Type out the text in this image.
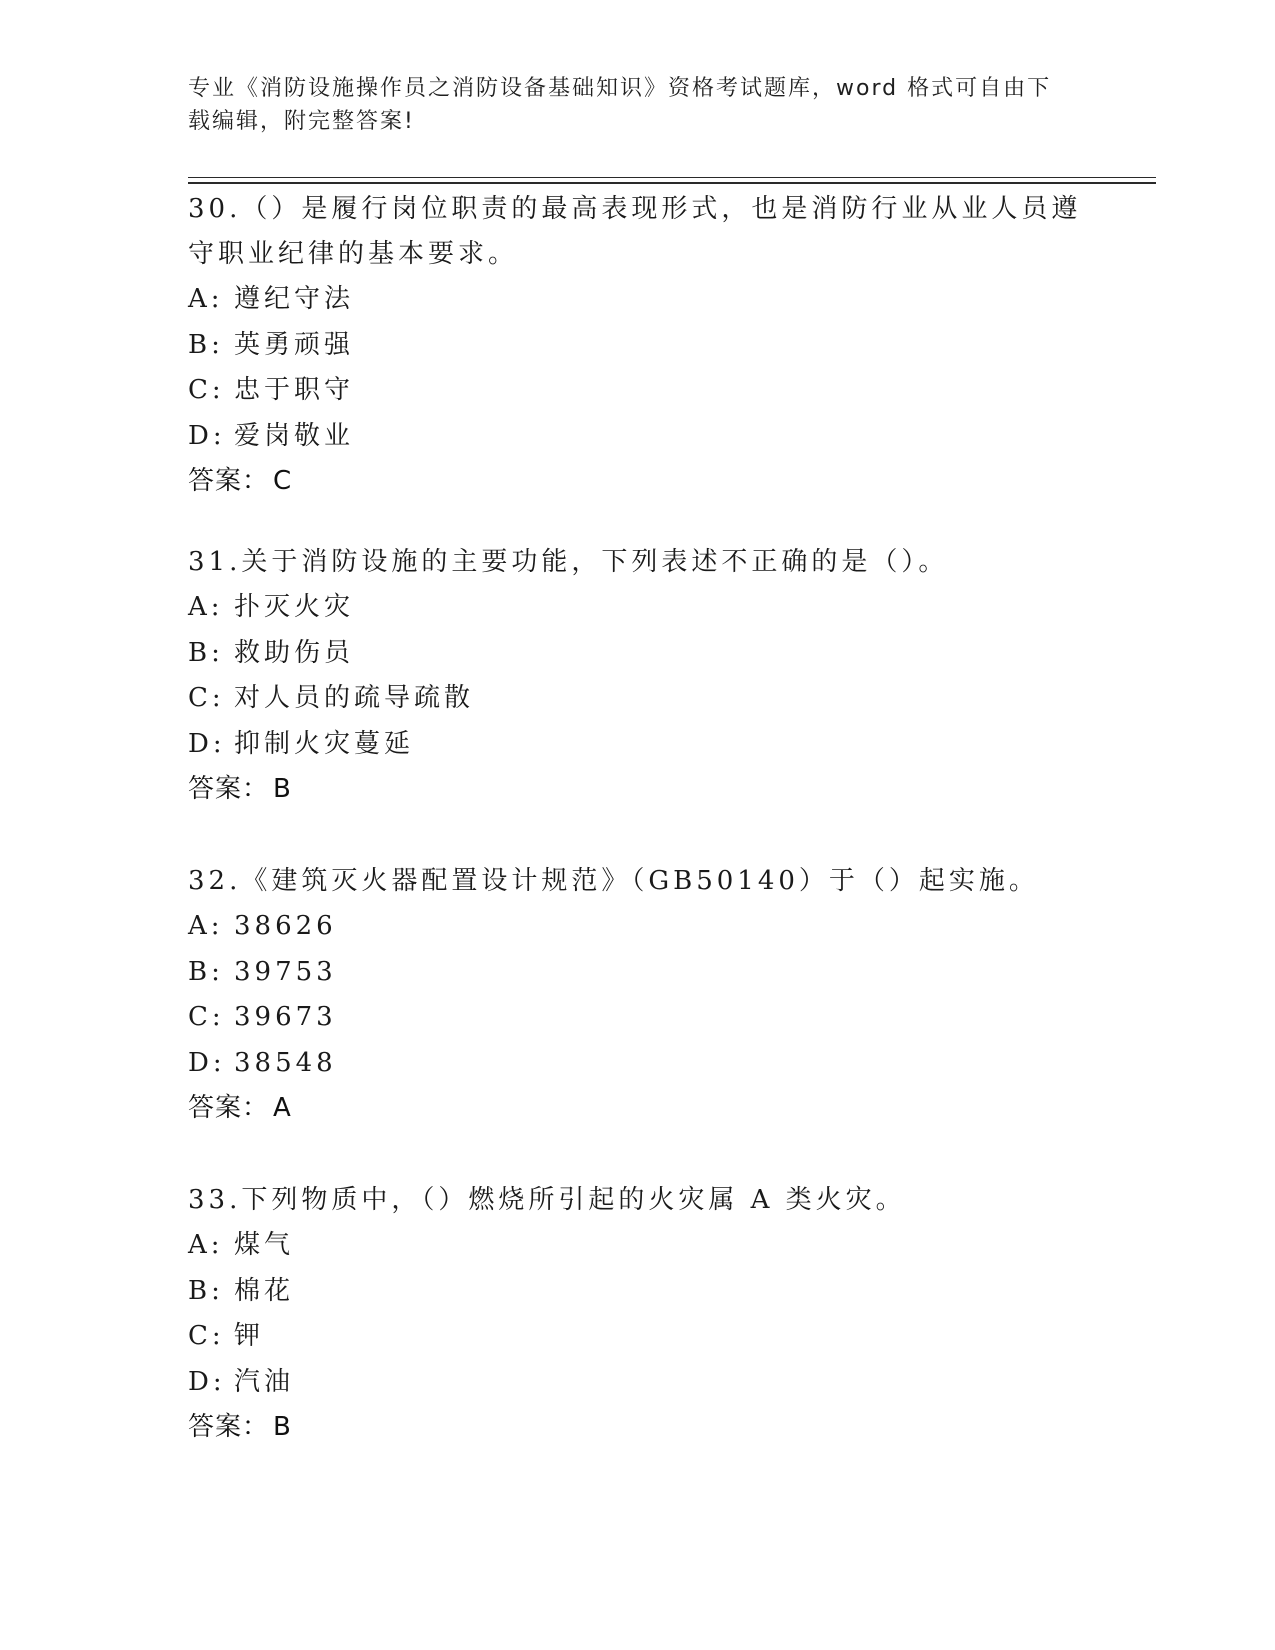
专业《消防设施操作员之消防设备基础知识》资格考试题库，word 格式可自由下载编辑，附完整答案!

30.（）是履行岗位职责的最高表现形式，也是消防行业从业人员遵守职业纪律的基本要求。

A: 遵纪守法

B: 英勇顽强

C: 忠于职守

D: 爱岗敬业

答案： C

31.关于消防设施的主要功能，下列表述不正确的是（）。

A: 扑灭火灾

B: 救助伤员

C: 对人员的疏导疏散

D: 抑制火灾蔓延

答案： B

32.《建筑灭火器配置设计规范》（GB50140）于（）起实施。

A: 38626

B: 39753

C: 39673

D: 38548

答案： A

33.下列物质中，（）燃烧所引起的火灾属 A 类火灾。

A: 煤气

B: 棉花

C: 钾

D: 汽油

答案： B
